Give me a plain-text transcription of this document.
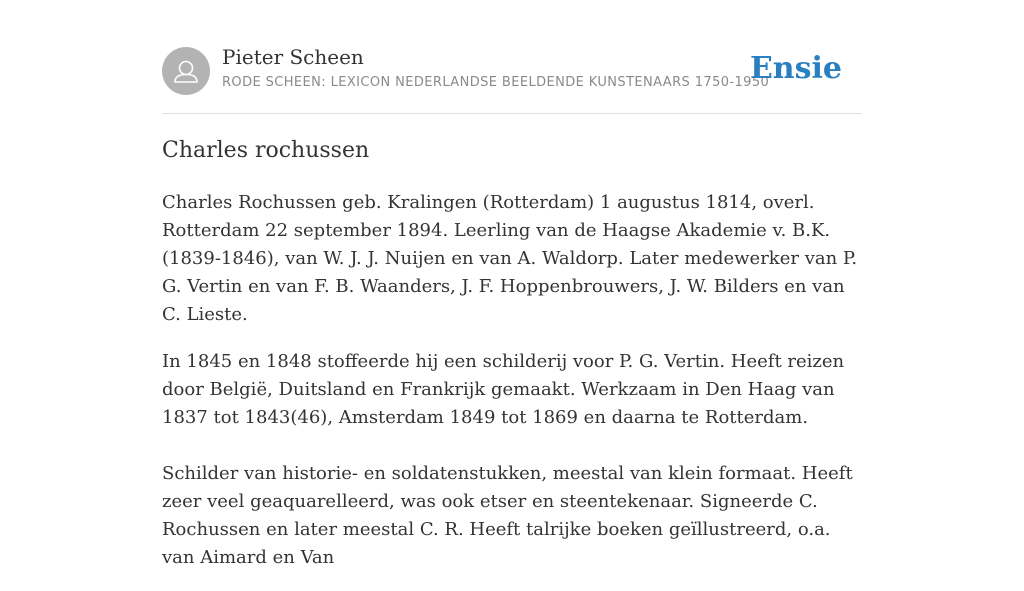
Pieter Scheen
RODE SCHEEN: LEXICON NEDERLANDSE BEELDENDE KUNSTENAARS 1750-1950
Ensie
Charles rochussen

Charles Rochussen geb. Kralingen (Rotterdam) 1 augustus 1814, overl. Rotterdam 22 september 1894. Leerling van de Haagse Akademie v. B.K. (1839-1846), van W. J. J. Nuijen en van A. Waldorp. Later medewerker van P. G. Vertin en van F. B. Waanders, J. F. Hoppenbrouwers, J. W. Bilders en van C. Lieste.

In 1845 en 1848 stoffeerde hij een schilderij voor P. G. Vertin. Heeft reizen door België, Duitsland en Frankrijk gemaakt. Werkzaam in Den Haag van 1837 tot 1843(46), Amsterdam 1849 tot 1869 en daarna te Rotterdam.

Schilder van historie- en soldatenstukken, meestal van klein formaat. Heeft zeer veel geaquarelleerd, was ook etser en steentekenaar. Signeerde C. Rochussen en later meestal C. R. Heeft talrijke boeken geïllustreerd, o.a. van Aimard en Van
